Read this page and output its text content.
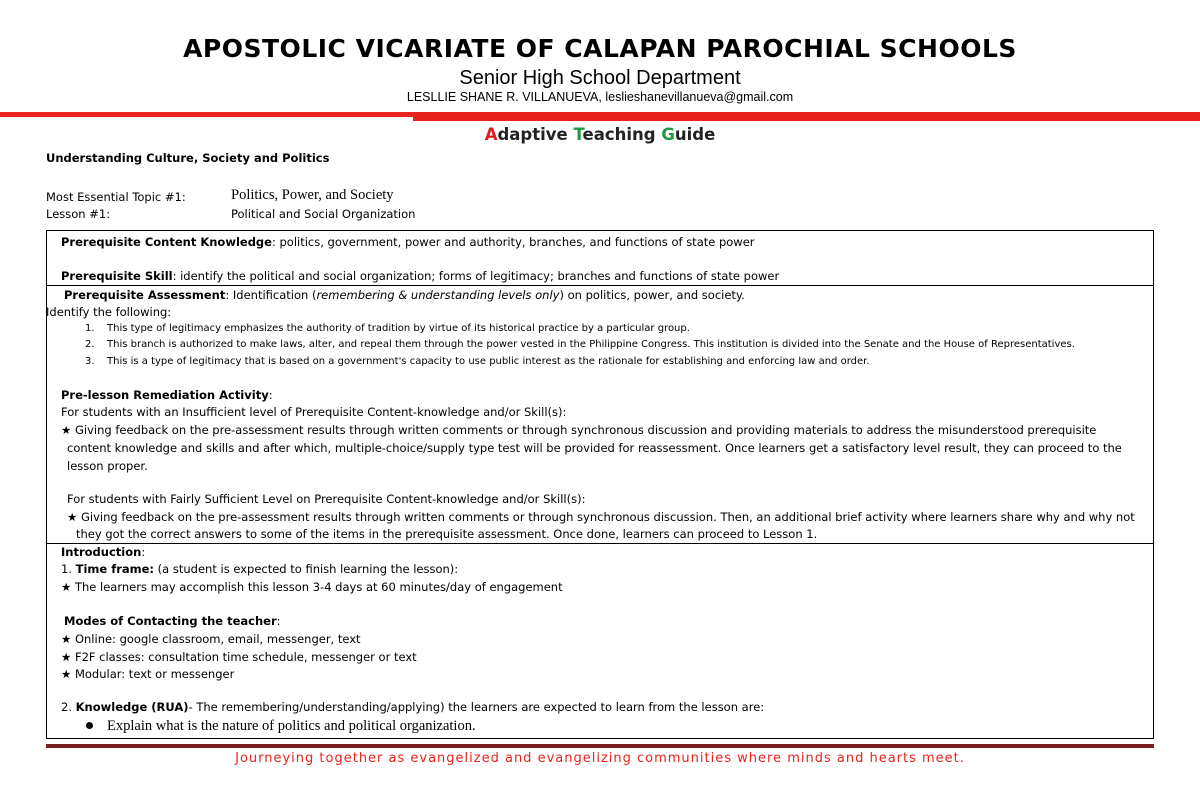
APOSTOLIC VICARIATE OF CALAPAN PAROCHIAL SCHOOLS
Senior High School Department
LESLLIE SHANE R. VILLANUEVA, leslieshanevillanueva@gmail.com
Adaptive Teaching Guide
Understanding Culture, Society and Politics
Most Essential Topic #1:	Politics, Power, and Society
Lesson #1:	Political and Social Organization
Prerequisite Content Knowledge: politics, government, power and authority, branches, and functions of state power
Prerequisite Skill: identify the political and social organization; forms of legitimacy; branches and functions of state power
Prerequisite Assessment: Identification (remembering & understanding levels only) on politics, power, and society.
Identify the following:
1. This type of legitimacy emphasizes the authority of tradition by virtue of its historical practice by a particular group.
2. This branch is authorized to make laws, alter, and repeal them through the power vested in the Philippine Congress. This institution is divided into the Senate and the House of Representatives.
3. This is a type of legitimacy that is based on a government's capacity to use public interest as the rationale for establishing and enforcing law and order.
Pre-lesson Remediation Activity:
For students with an Insufficient level of Prerequisite Content-knowledge and/or Skill(s):
★ Giving feedback on the pre-assessment results through written comments or through synchronous discussion and providing materials to address the misunderstood prerequisite
content knowledge and skills and after which, multiple-choice/supply type test will be provided for reassessment. Once learners get a satisfactory level result, they can proceed to the
lesson proper.
For students with Fairly Sufficient Level on Prerequisite Content-knowledge and/or Skill(s):
★ Giving feedback on the pre-assessment results through written comments or through synchronous discussion. Then, an additional brief activity where learners share why and why not
they got the correct answers to some of the items in the prerequisite assessment. Once done, learners can proceed to Lesson 1.
Introduction:
1. Time frame: (a student is expected to finish learning the lesson):
★ The learners may accomplish this lesson 3-4 days at 60 minutes/day of engagement
Modes of Contacting the teacher:
★ Online: google classroom, email, messenger, text
★ F2F classes: consultation time schedule, messenger or text
★ Modular: text or messenger
2. Knowledge (RUA)- The remembering/understanding/applying) the learners are expected to learn from the lesson are:
Explain what is the nature of politics and political organization.
Journeying together as evangelized and evangelizing communities where minds and hearts meet.
